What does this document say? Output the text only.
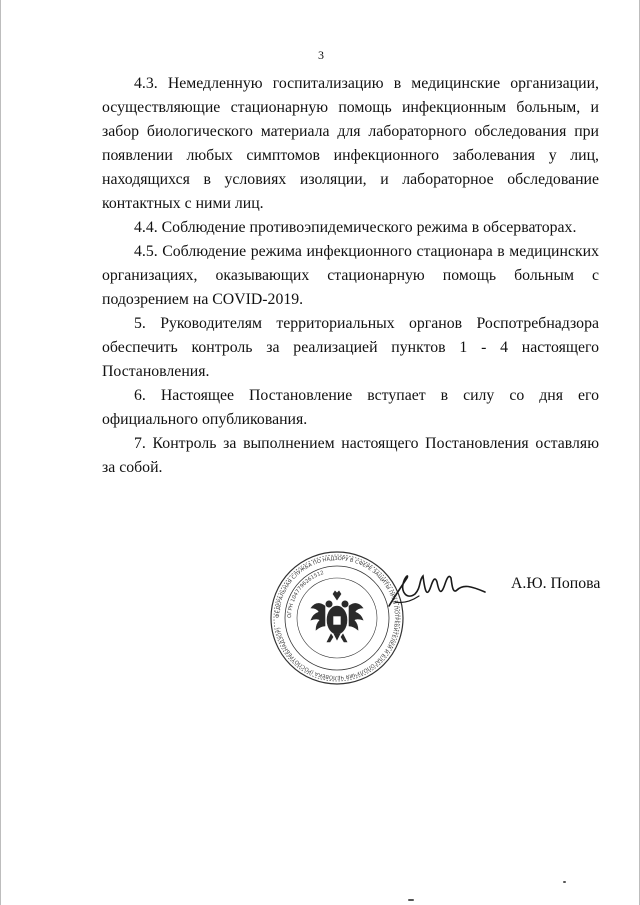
3

4.3. Немедленную госпитализацию в медицинские организации, осуществляющие стационарную помощь инфекционным больным, и забор биологического материала для лабораторного обследования при появлении любых симптомов инфекционного заболевания у лиц, находящихся в условиях изоляции, и лабораторное обследование контактных с ними лиц.

4.4. Соблюдение противоэпидемического режима в обсерваторах.

4.5. Соблюдение режима инфекционного стационара в медицинских организациях, оказывающих стационарную помощь больным с подозрением на COVID-2019.

5. Руководителям территориальных органов Роспотребнадзора обеспечить контроль за реализацией пунктов 1 - 4 настоящего Постановления.

6. Настоящее Постановление вступает в силу со дня его официального опубликования.

7. Контроль за выполнением настоящего Постановления оставляю за собой.

ФЕДЕРАЛЬНАЯ СЛУЖБА ПО НАДЗОРУ В СФЕРЕ ЗАЩИТЫ ПРАВ ПОТРЕБИТЕЛЕЙ И БЛАГОПОЛУЧИЯ ЧЕЛОВЕКА (РОСПОТРЕБНАДЗОР)
ОГРН 1047796261512
А.Ю. Попова
